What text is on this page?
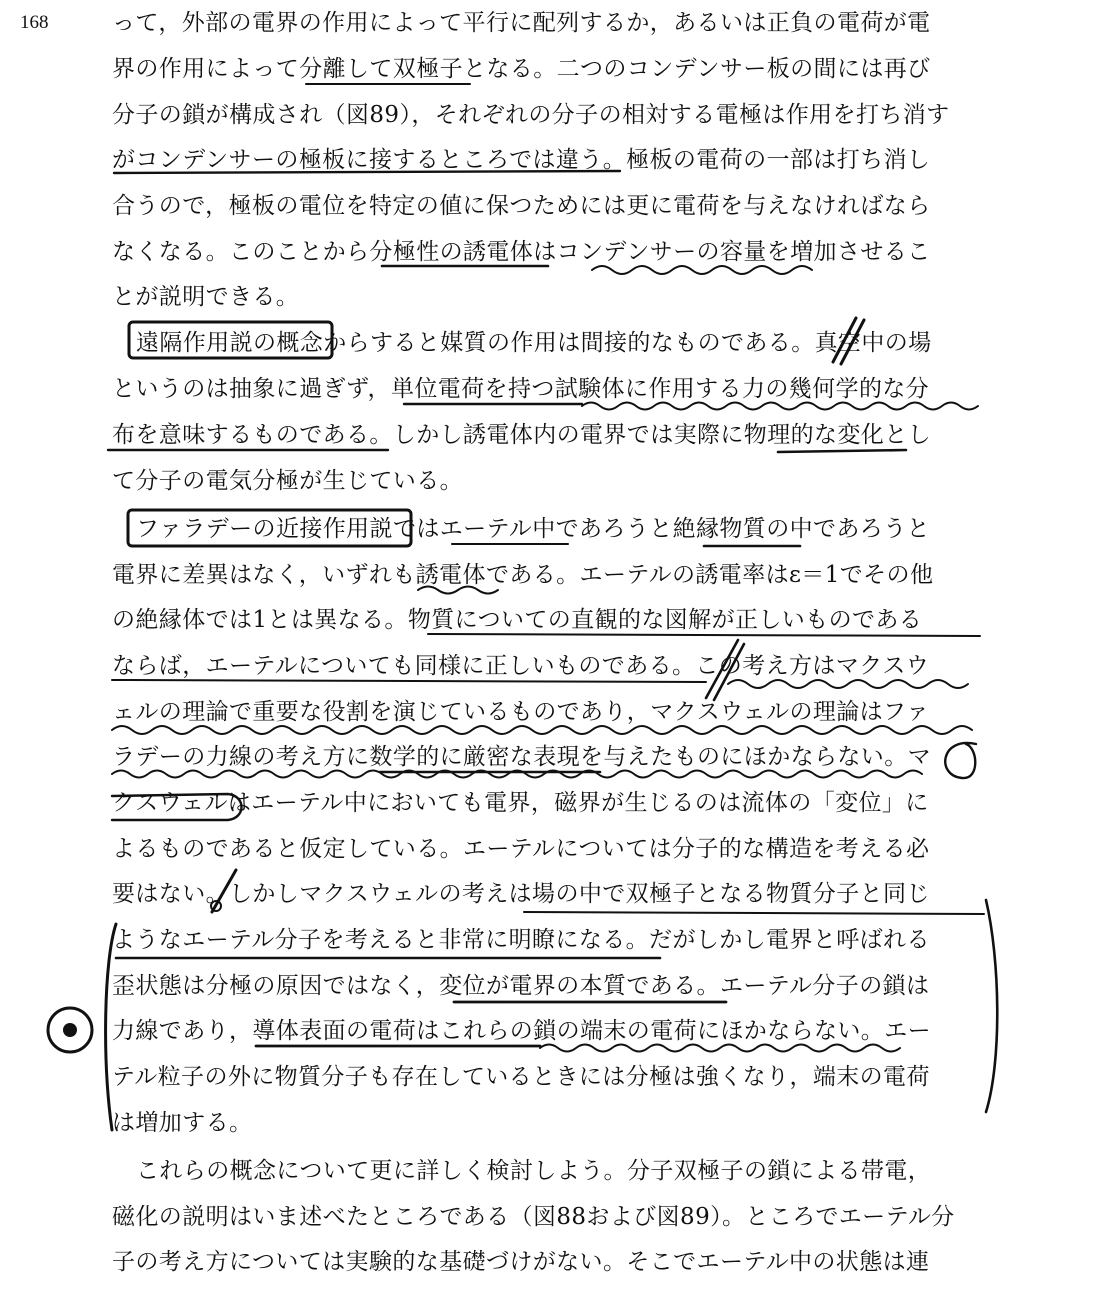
168	って，外部の電界の作用によって平行に配列するか，あるいは正負の電荷が電

界の作用によって分離して双極子となる。二つのコンデンサー板の間には再び

分子の鎖が構成され（図89），それぞれの分子の相対する電極は作用を打ち消す

がコンデンサーの極板に接するところでは違う。極板の電荷の一部は打ち消し

合うので，極板の電位を特定の値に保つためには更に電荷を与えなければなら

なくなる。このことから分極性の誘電体はコンデンサーの容量を増加させるこ

とが説明できる。

遠隔作用説の概念からすると媒質の作用は間接的なものである。真空中の場

というのは抽象に過ぎず，単位電荷を持つ試験体に作用する力の幾何学的な分

布を意味するものである。しかし誘電体内の電界では実際に物理的な変化とし

て分子の電気分極が生じている。

ファラデーの近接作用説ではエーテル中であろうと絶縁物質の中であろうと

電界に差異はなく，いずれも誘電体である。エーテルの誘電率はε＝1でその他

の絶縁体では1とは異なる。物質についての直観的な図解が正しいものである

ならば，エーテルについても同様に正しいものである。この考え方はマクスウ

ェルの理論で重要な役割を演じているものであり，マクスウェルの理論はファ

ラデーの力線の考え方に数学的に厳密な表現を与えたものにほかならない。マ

クスウェルはエーテル中においても電界，磁界が生じるのは流体の「変位」に

よるものであると仮定している。エーテルについては分子的な構造を考える必

要はない。しかしマクスウェルの考えは場の中で双極子となる物質分子と同じ

ようなエーテル分子を考えると非常に明瞭になる。だがしかし電界と呼ばれる

歪状態は分極の原因ではなく，変位が電界の本質である。エーテル分子の鎖は

力線であり，導体表面の電荷はこれらの鎖の端末の電荷にほかならない。エー

テル粒子の外に物質分子も存在しているときには分極は強くなり，端末の電荷

は増加する。

これらの概念について更に詳しく検討しよう。分子双極子の鎖による帯電，

磁化の説明はいま述べたところである（図88および図89）。ところでエーテル分

子の考え方については実験的な基礎づけがない。そこでエーテル中の状態は連
